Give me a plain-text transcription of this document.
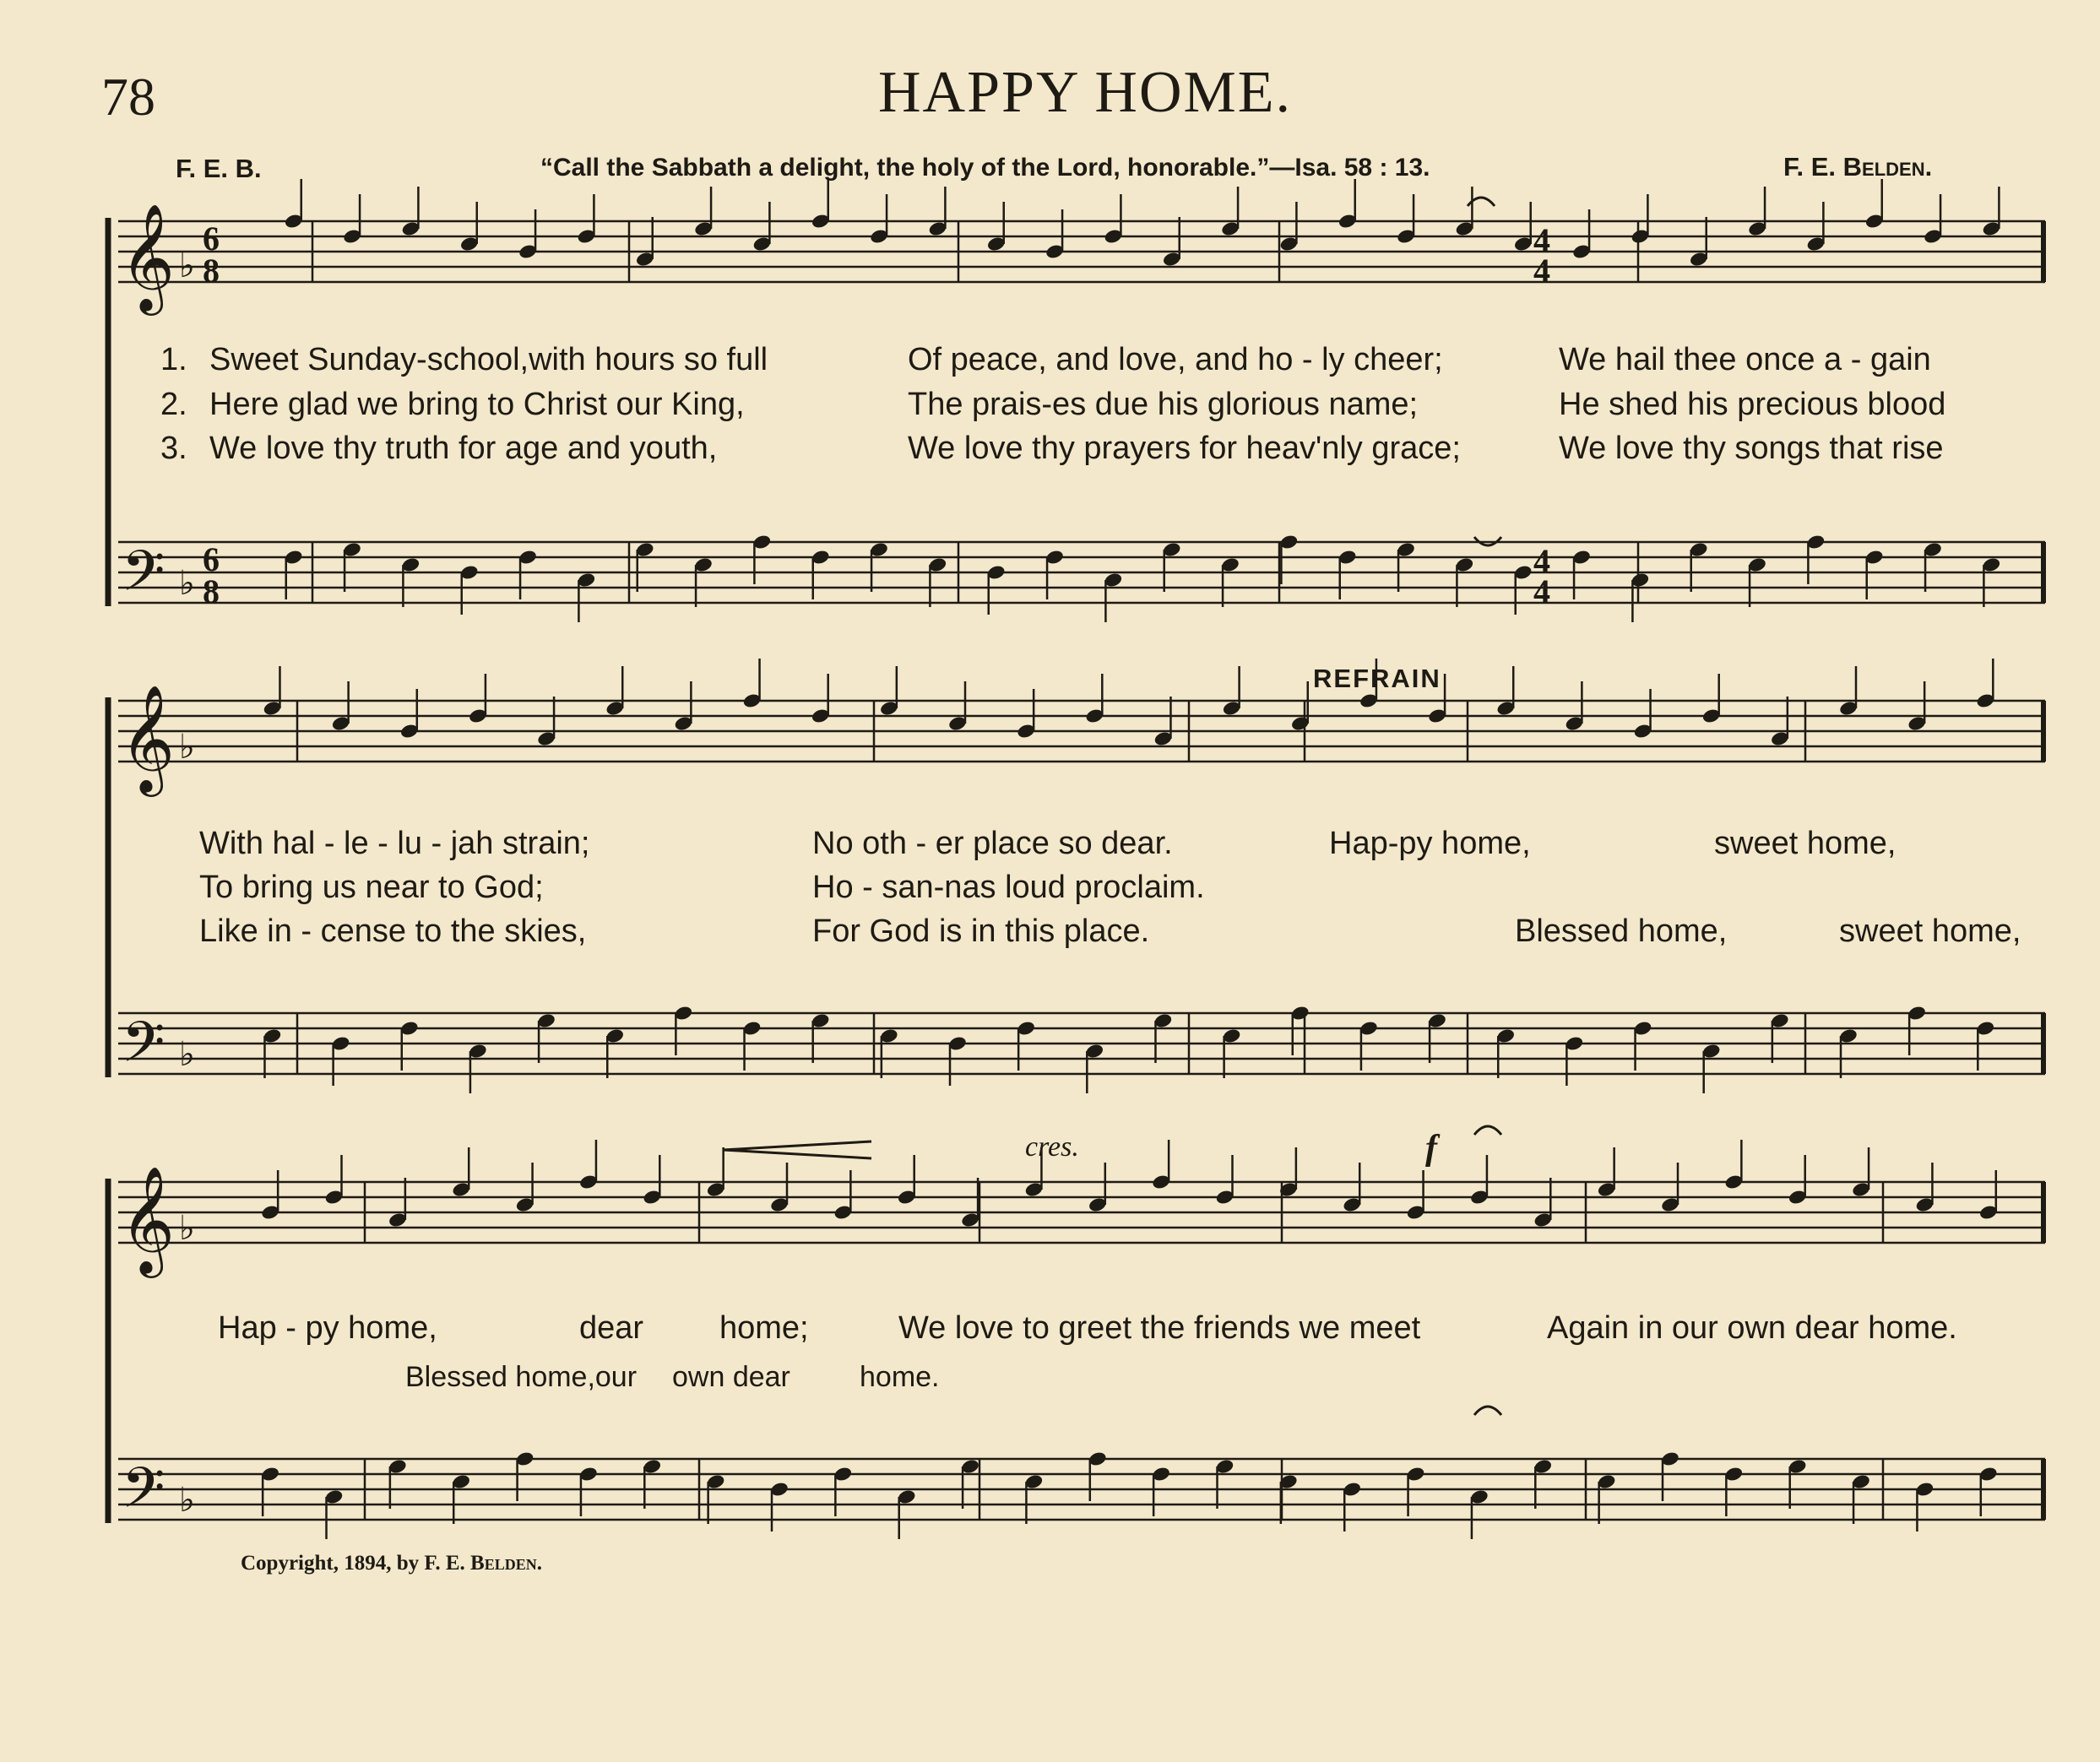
78	HAPPY HOME.
F. E. B.	“Call the Sabbath a delight, the holy of the Lord, honorable.”—Isa. 58 : 13.	F. E. Belden.
𝄞
𝄞
𝄞
𝄢
𝄢
𝄢
♭
♭
♭
♭
♭
♭
6
8
6
8
4
4
4
4
1. Sweet Sunday-school,with hours so full	Of peace, and love, and ho - ly cheer;	We hail thee once a - gain
2. Here glad we bring to Christ our King,	The prais-es due his glorious name;	He shed his precious blood
3. We love thy truth for age and youth,	We love thy prayers for heav'nly grace;	We love thy songs that rise
REFRAIN
With hal - le - lu - jah strain;	No oth - er place so dear.	Hap-py home,	sweet home,
To bring us near to God;	Ho - san-nas loud proclaim.
Like in - cense to the skies,	For God is in this place.	Blessed home,	sweet home,
cres.	f
Hap - py home,	dear home;	We love to greet the friends we meet	Again in our own dear home.
Blessed home,our own dear home.
Copyright, 1894, by F. E. Belden.
